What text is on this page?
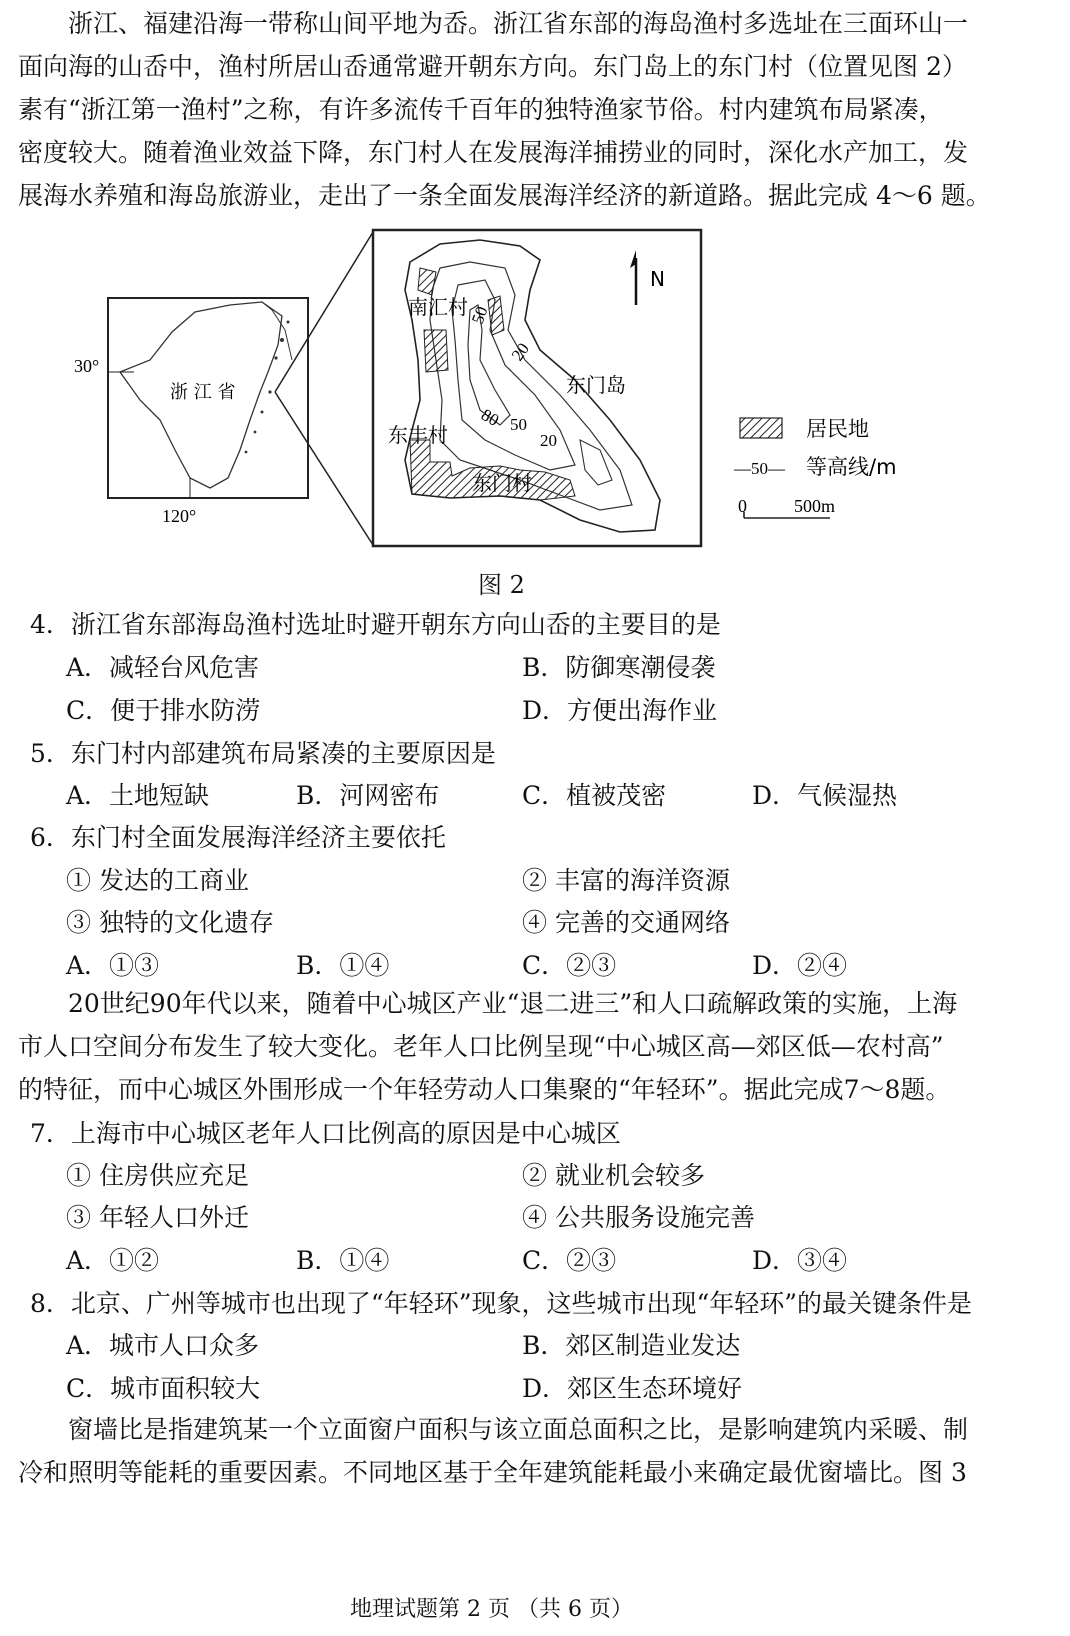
浙江、福建沿海一带称山间平地为岙。浙江省东部的海岛渔村多选址在三面环山一

面向海的山岙中，渔村所居山岙通常避开朝东方向。东门岛上的东门村（位置见图 2）

素有“浙江第一渔村”之称，有许多流传千百年的独特渔家节俗。村内建筑布局紧凑，

密度较大。随着渔业效益下降，东门村人在发展海洋捕捞业的同时，深化水产加工，发

展海水养殖和海岛旅游业，走出了一条全面发展海洋经济的新道路。据此完成 4～6 题。

30°
120°
浙 江 省
N
50
20
80 50
20
南汇村
东门岛
东丰村
东门村
居民地
—50— 等高线/m
0	500m
图 2
4．浙江省东部海岛渔村选址时避开朝东方向山岙的主要目的是
A．减轻台风危害	B．防御寒潮侵袭
C．便于排水防涝	D．方便出海作业
5．东门村内部建筑布局紧凑的主要原因是
A．土地短缺	B．河网密布	C．植被茂密	D．气候湿热
6．东门村全面发展海洋经济主要依托
① 发达的工商业	② 丰富的海洋资源
③ 独特的文化遗存	④ 完善的交通网络
A．①③	B．①④	C．②③	D．②④

20世纪90年代以来，随着中心城区产业“退二进三”和人口疏解政策的实施，上海

市人口空间分布发生了较大变化。老年人口比例呈现“中心城区高—郊区低—农村高”

的特征，而中心城区外围形成一个年轻劳动人口集聚的“年轻环”。据此完成7～8题。

7．上海市中心城区老年人口比例高的原因是中心城区
① 住房供应充足	② 就业机会较多
③ 年轻人口外迁	④ 公共服务设施完善
A．①②	B．①④	C．②③	D．③④
8．北京、广州等城市也出现了“年轻环”现象，这些城市出现“年轻环”的最关键条件是
A．城市人口众多	B．郊区制造业发达
C．城市面积较大	D．郊区生态环境好

窗墙比是指建筑某一个立面窗户面积与该立面总面积之比，是影响建筑内采暖、制

冷和照明等能耗的重要因素。不同地区基于全年建筑能耗最小来确定最优窗墙比。图 3

地理试题第 2 页 （共 6 页）
